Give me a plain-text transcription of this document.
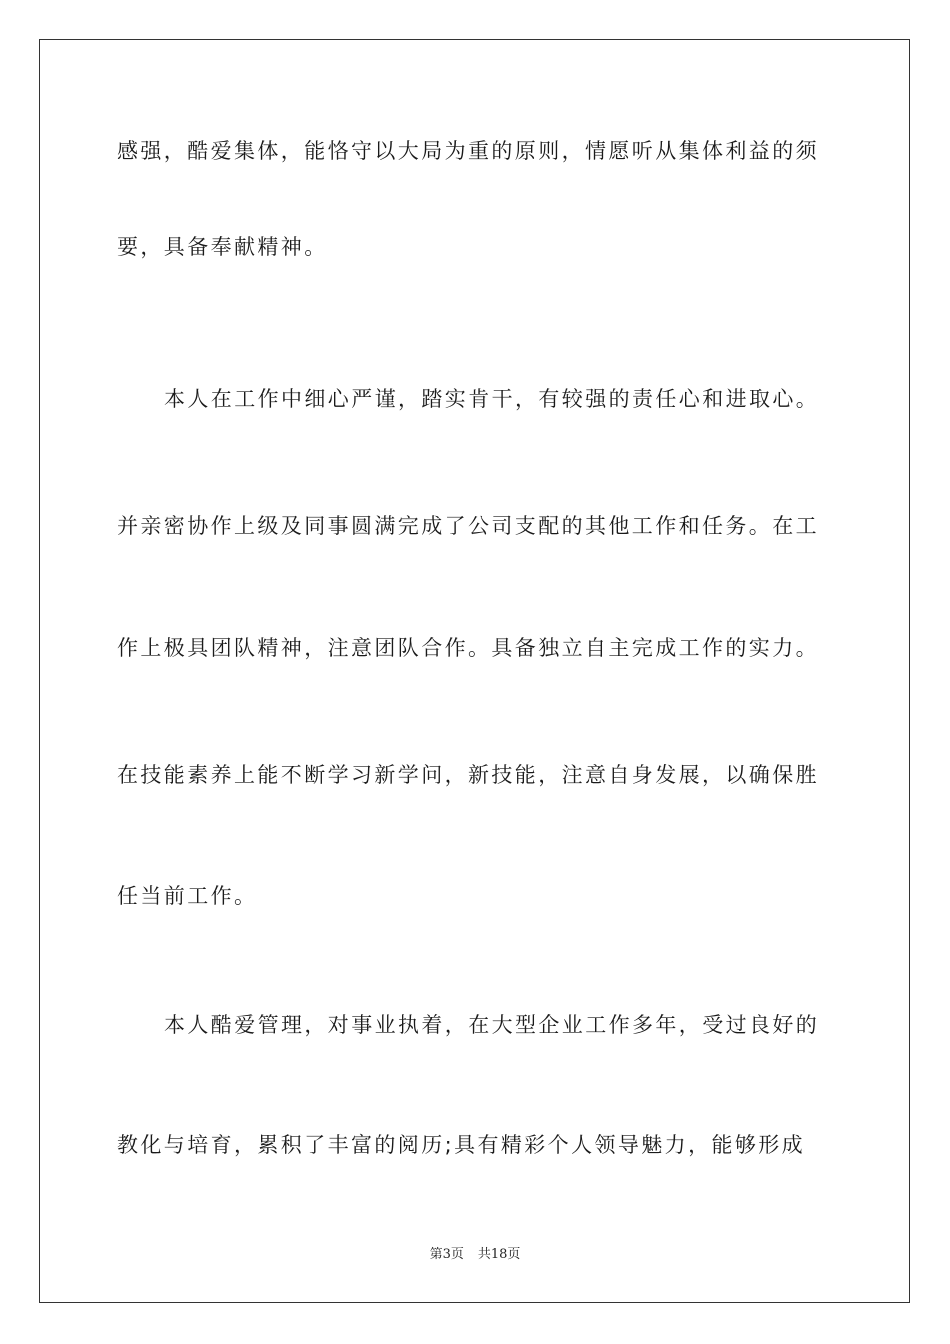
感强，酷爱集体，能恪守以大局为重的原则，情愿听从集体利益的须
要，具备奉献精神。
本人在工作中细心严谨，踏实肯干，有较强的责任心和进取心。
并亲密协作上级及同事圆满完成了公司支配的其他工作和任务。在工
作上极具团队精神，注意团队合作。具备独立自主完成工作的实力。
在技能素养上能不断学习新学问，新技能，注意自身发展，以确保胜
任当前工作。
本人酷爱管理，对事业执着，在大型企业工作多年，受过良好的
教化与培育，累积了丰富的阅历;具有精彩个人领导魅力，能够形成
第3页 共18页
